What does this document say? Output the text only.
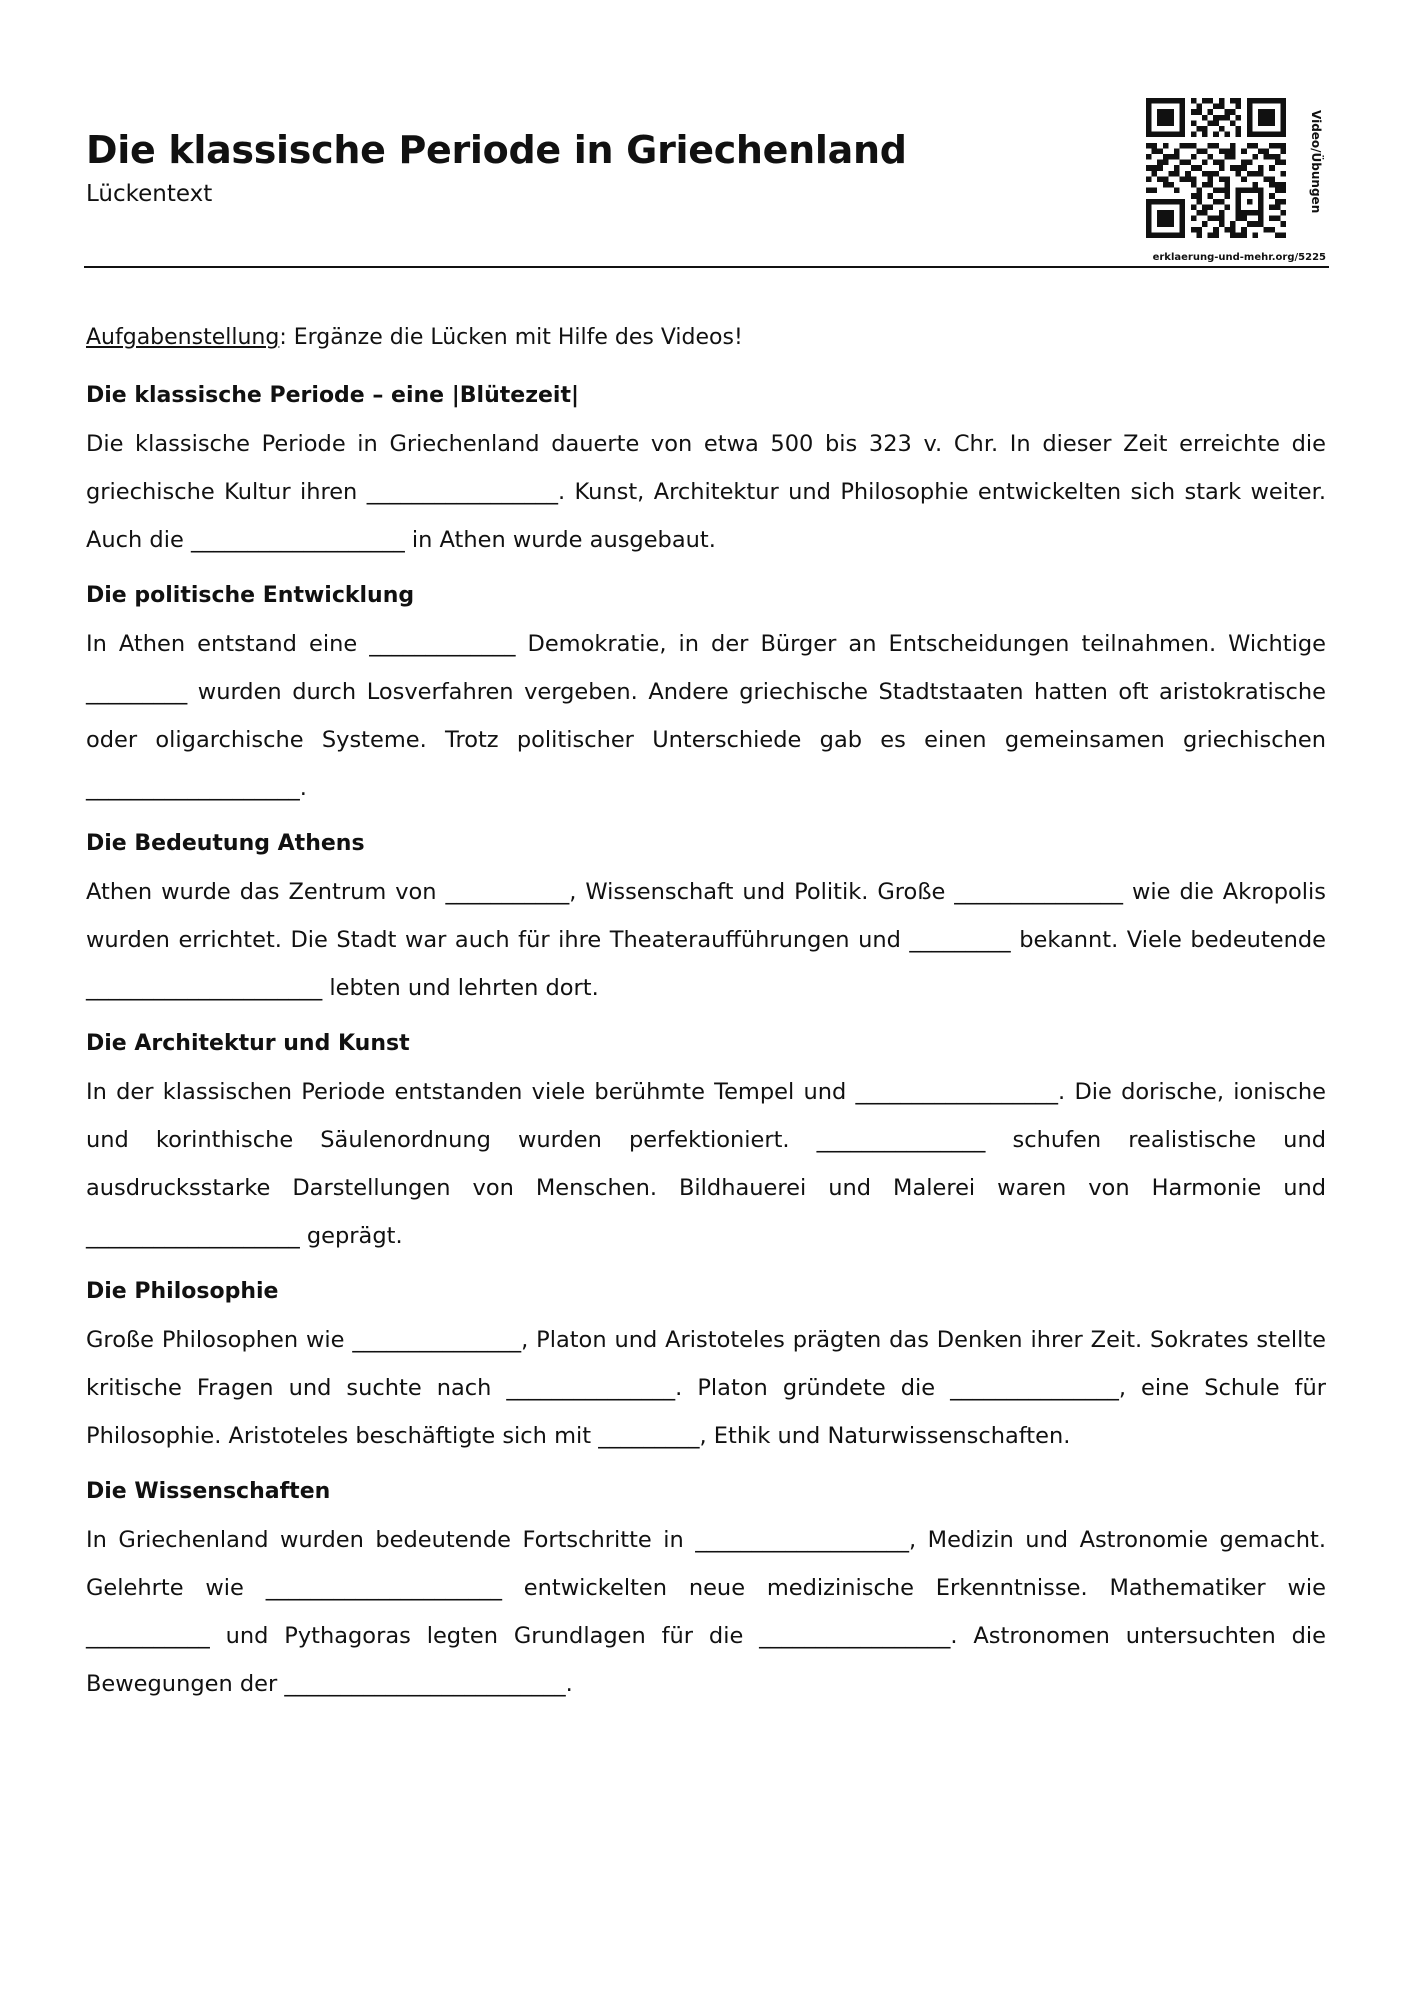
Die klassische Periode in Griechenland
Lückentext	Video/Übungen
erklaerung-und-mehr.org/5225

Aufgabenstellung: Ergänze die Lücken mit Hilfe des Videos!

Die klassische Periode – eine |Blütezeit|

Die klassische Periode in Griechenland dauerte von etwa 500 bis 323 v. Chr. In dieser Zeit erreichte die griechische Kultur ihren _________________. Kunst, Architektur und Philosophie entwickelten sich stark weiter. Auch die ___________________ in Athen wurde ausgebaut.

Die politische Entwicklung

In Athen entstand eine _____________ Demokratie, in der Bürger an Entscheidungen teilnahmen. Wichtige _________ wurden durch Losverfahren vergeben. Andere griechische Stadtstaaten hatten oft aristokratische oder oligarchische Systeme. Trotz politischer Unterschiede gab es einen gemeinsamen griechischen ___________________.

Die Bedeutung Athens

Athen wurde das Zentrum von ___________, Wissenschaft und Politik. Große _______________ wie die Akropolis wurden errichtet. Die Stadt war auch für ihre Theateraufführungen und _________ bekannt. Viele bedeutende _____________________ lebten und lehrten dort.

Die Architektur und Kunst

In der klassischen Periode entstanden viele berühmte Tempel und __________________. Die dorische, ionische und korinthische Säulenordnung wurden perfektioniert. _______________ schufen realistische und ausdrucksstarke Darstellungen von Menschen. Bildhauerei und Malerei waren von Harmonie und ___________________ geprägt.

Die Philosophie

Große Philosophen wie _______________, Platon und Aristoteles prägten das Denken ihrer Zeit. Sokrates stellte kritische Fragen und suchte nach _______________. Platon gründete die _______________, eine Schule für Philosophie. Aristoteles beschäftigte sich mit _________, Ethik und Naturwissenschaften.

Die Wissenschaften

In Griechenland wurden bedeutende Fortschritte in ___________________, Medizin und Astronomie gemacht. Gelehrte wie _____________________ entwickelten neue medizinische Erkenntnisse. Mathematiker wie ___________ und Pythagoras legten Grundlagen für die _________________. Astronomen untersuchten die Bewegungen der _________________________.
